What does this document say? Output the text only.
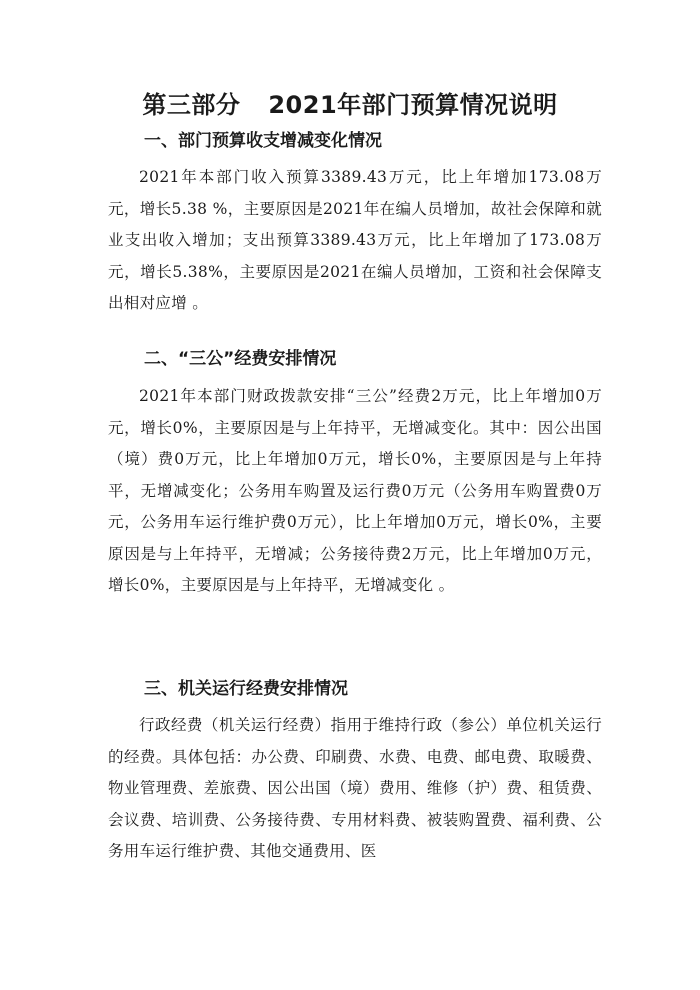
第三部分 2021年部门预算情况说明
一、部门预算收支增减变化情况

2021年本部门收入预算3389.43万元，比上年增加173.08万元，增长5.38 %，主要原因是2021年在编人员增加，故社会保障和就业支出收入增加；支出预算3389.43万元，比上年增加了173.08万元，增长5.38%，主要原因是2021在编人员增加，工资和社会保障支出相对应增 。

二、“三公”经费安排情况

2021年本部门财政拨款安排“三公”经费2万元，比上年增加0万元，增长0%，主要原因是与上年持平，无增减变化。其中：因公出国（境）费0万元，比上年增加0万元，增长0%，主要原因是与上年持平，无增减变化；公务用车购置及运行费0万元（公务用车购置费0万元，公务用车运行维护费0万元），比上年增加0万元，增长0%，主要原因是与上年持平，无增减；公务接待费2万元，比上年增加0万元，增长0%，主要原因是与上年持平，无增减变化 。

三、机关运行经费安排情况

行政经费（机关运行经费）指用于维持行政（参公）单位机关运行的经费。具体包括：办公费、印刷费、水费、电费、邮电费、取暖费、物业管理费、差旅费、因公出国（境）费用、维修（护）费、租赁费、会议费、培训费、公务接待费、专用材料费、被装购置费、福利费、公务用车运行维护费、其他交通费用、医
